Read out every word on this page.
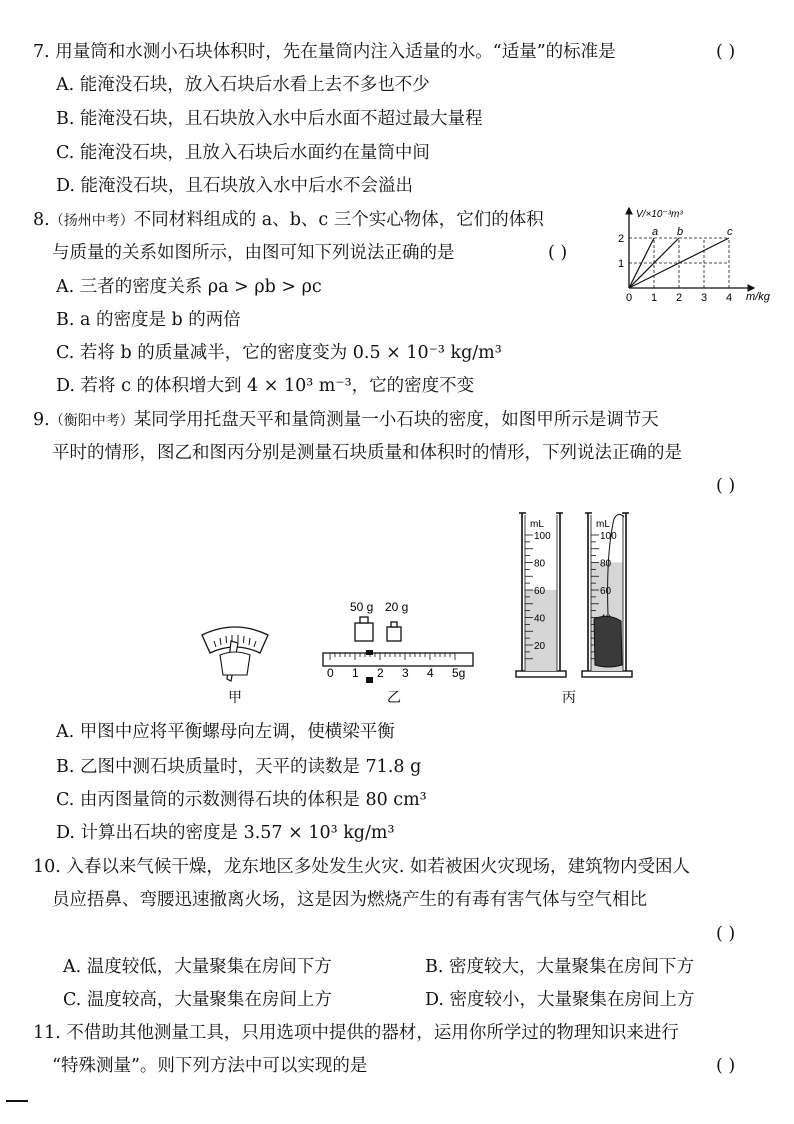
7. 用量筒和水测小石块体积时，先在量筒内注入适量的水。“适量”的标准是	( )
A. 能淹没石块，放入石块后水看上去不多也不少
B. 能淹没石块，且石块放入水中后水面不超过最大量程
C. 能淹没石块，且放入石块后水面约在量筒中间
D. 能淹没石块，且石块放入水中后水不会溢出
8.（扬州中考）不同材料组成的 a、b、c 三个实心物体，它们的体积
与质量的关系如图所示，由图可知下列说法正确的是	( )
A. 三者的密度关系 ρa > ρb > ρc
B. a 的密度是 b 的两倍
C. 若将 b 的质量减半，它的密度变为 0.5 × 10⁻³ kg/m³
D. 若将 c 的体积增大到 4 × 10³ m⁻³，它的密度不变
V/×10⁻³m³
m/kg
0 1 2 3 4
1
2
a b	c
9.（衡阳中考）某同学用托盘天平和量筒测量一小石块的密度，如图甲所示是调节天
平时的情形，图乙和图丙分别是测量石块质量和体积时的情形，下列说法正确的是
( )
甲
50 g 20 g
0 1 2 3 4 5g
乙
mL
100
80
60
40
20
mL
100
80
60
丙
A. 甲图中应将平衡螺母向左调，使横梁平衡
B. 乙图中测石块质量时，天平的读数是 71.8 g
C. 由丙图量筒的示数测得石块的体积是 80 cm³
D. 计算出石块的密度是 3.57 × 10³ kg/m³
10. 入春以来气候干燥，龙东地区多处发生火灾. 如若被困火灾现场，建筑物内受困人
员应捂鼻、弯腰迅速撤离火场，这是因为燃烧产生的有毒有害气体与空气相比
( )
A. 温度较低，大量聚集在房间下方	B. 密度较大，大量聚集在房间下方
C. 温度较高，大量聚集在房间上方	D. 密度较小，大量聚集在房间上方
11. 不借助其他测量工具，只用选项中提供的器材，运用你所学过的物理知识来进行
“特殊测量”。则下列方法中可以实现的是	( )
